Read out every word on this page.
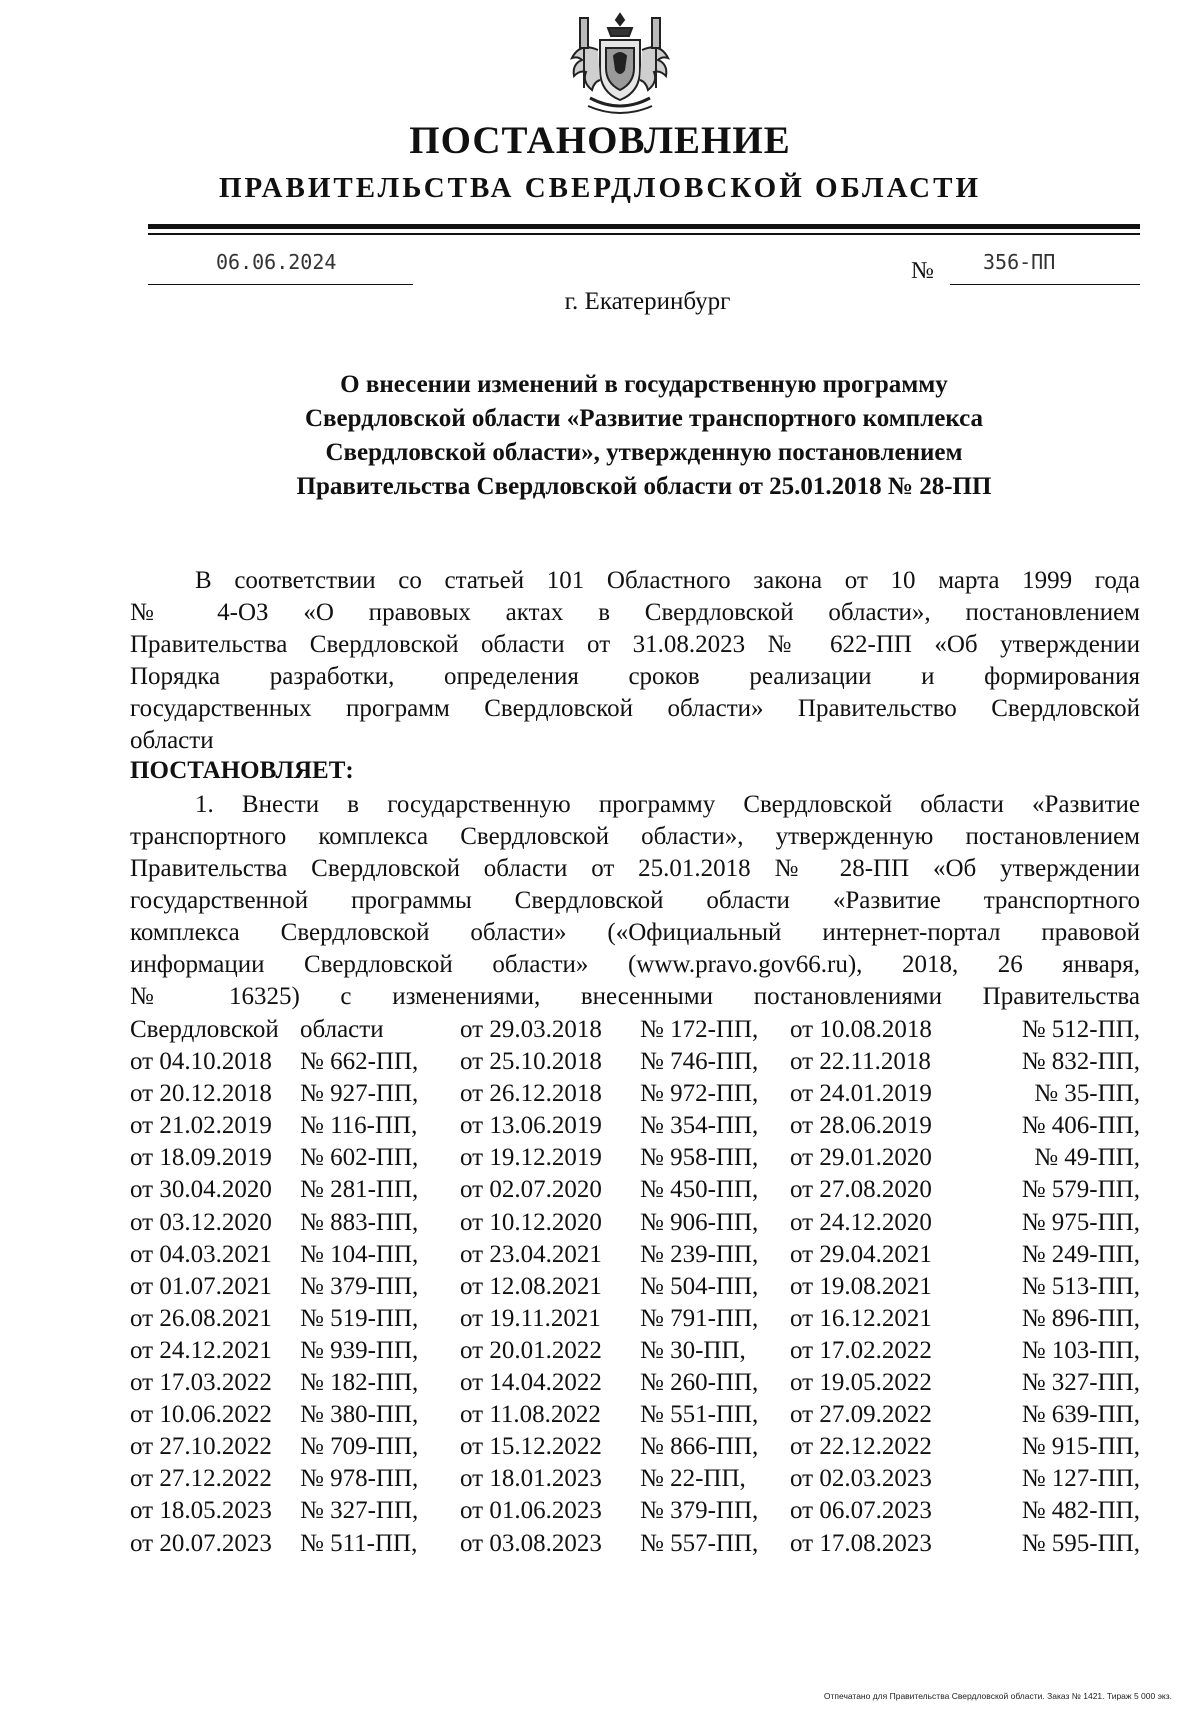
ПОСТАНОВЛЕНИЕ
ПРАВИТЕЛЬСТВА СВЕРДЛОВСКОЙ ОБЛАСТИ
06.06.2024	№ 356-ПП
г. Екатеринбург
О внесении изменений в государственную программу
Свердловской области «Развитие транспортного комплекса
Свердловской области», утвержденную постановлением
Правительства Свердловской области от 25.01.2018 № 28-ПП
В соответствии со статьей 101 Областного закона от 10 марта 1999 года
№ 4-ОЗ «О правовых актах в Свердловской области», постановлением
Правительства Свердловской области от 31.08.2023 № 622-ПП «Об утверждении
Порядка разработки, определения сроков реализации и формирования
государственных программ Свердловской области» Правительство Свердловской
области
ПОСТАНОВЛЯЕТ:
1. Внести в государственную программу Свердловской области «Развитие
транспортного комплекса Свердловской области», утвержденную постановлением
Правительства Свердловской области от 25.01.2018 № 28-ПП «Об утверждении
государственной программы Свердловской области «Развитие транспортного
комплекса Свердловской области» («Официальный интернет-портал правовой
информации Свердловской области» (www.pravo.gov66.ru), 2018, 26 января,
№ 16325) с изменениями, внесенными постановлениями Правительства
Свердловской области	от 29.03.2018	№ 172-ПП,	от 10.08.2018	№ 512-ПП,
от 04.10.2018	№ 662-ПП,	от 25.10.2018	№ 746-ПП,	от 22.11.2018	№ 832-ПП,
от 20.12.2018	№ 927-ПП,	от 26.12.2018	№ 972-ПП,	от 24.01.2019	№ 35-ПП,
от 21.02.2019	№ 116-ПП,	от 13.06.2019	№ 354-ПП,	от 28.06.2019	№ 406-ПП,
от 18.09.2019	№ 602-ПП,	от 19.12.2019	№ 958-ПП,	от 29.01.2020	№ 49-ПП,
от 30.04.2020	№ 281-ПП,	от 02.07.2020	№ 450-ПП,	от 27.08.2020	№ 579-ПП,
от 03.12.2020	№ 883-ПП,	от 10.12.2020	№ 906-ПП,	от 24.12.2020	№ 975-ПП,
от 04.03.2021	№ 104-ПП,	от 23.04.2021	№ 239-ПП,	от 29.04.2021	№ 249-ПП,
от 01.07.2021	№ 379-ПП,	от 12.08.2021	№ 504-ПП,	от 19.08.2021	№ 513-ПП,
от 26.08.2021	№ 519-ПП,	от 19.11.2021	№ 791-ПП,	от 16.12.2021	№ 896-ПП,
от 24.12.2021	№ 939-ПП,	от 20.01.2022	№ 30-ПП,	от 17.02.2022	№ 103-ПП,
от 17.03.2022	№ 182-ПП,	от 14.04.2022	№ 260-ПП,	от 19.05.2022	№ 327-ПП,
от 10.06.2022	№ 380-ПП,	от 11.08.2022	№ 551-ПП,	от 27.09.2022	№ 639-ПП,
от 27.10.2022	№ 709-ПП,	от 15.12.2022	№ 866-ПП,	от 22.12.2022	№ 915-ПП,
от 27.12.2022	№ 978-ПП,	от 18.01.2023	№ 22-ПП,	от 02.03.2023	№ 127-ПП,
от 18.05.2023	№ 327-ПП,	от 01.06.2023	№ 379-ПП,	от 06.07.2023	№ 482-ПП,
от 20.07.2023	№ 511-ПП,	от 03.08.2023	№ 557-ПП,	от 17.08.2023	№ 595-ПП,
Отпечатано для Правительства Свердловской области. Заказ № 1421. Тираж 5 000 экз.
